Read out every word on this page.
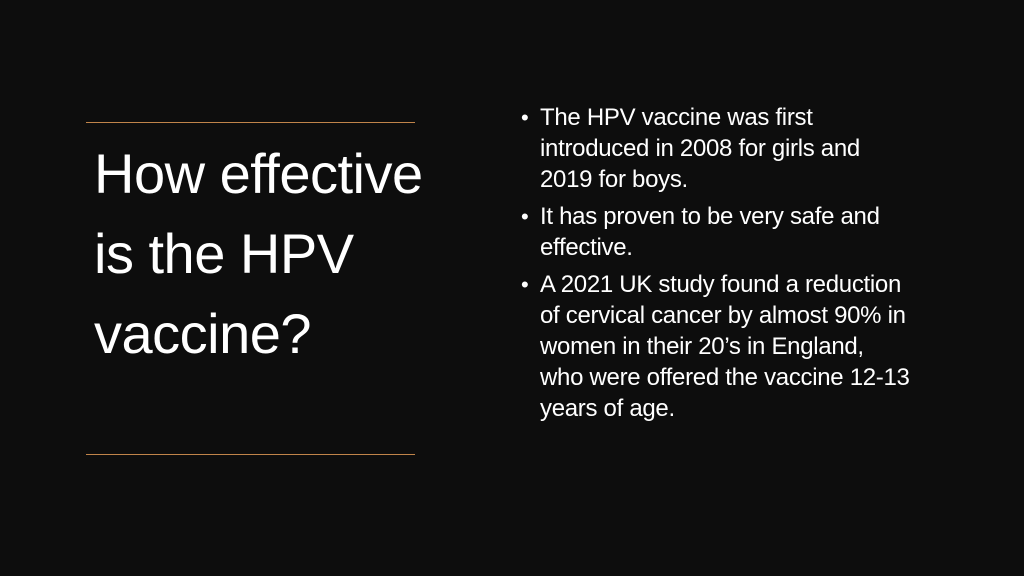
How effective is the HPV vaccine?
• The HPV vaccine was first introduced in 2008 for girls and 2019 for boys.
• It has proven to be very safe and effective.
• A 2021 UK study found a reduction of cervical cancer by almost 90% in women in their 20’s in England, who were offered the vaccine 12-13 years of age.
